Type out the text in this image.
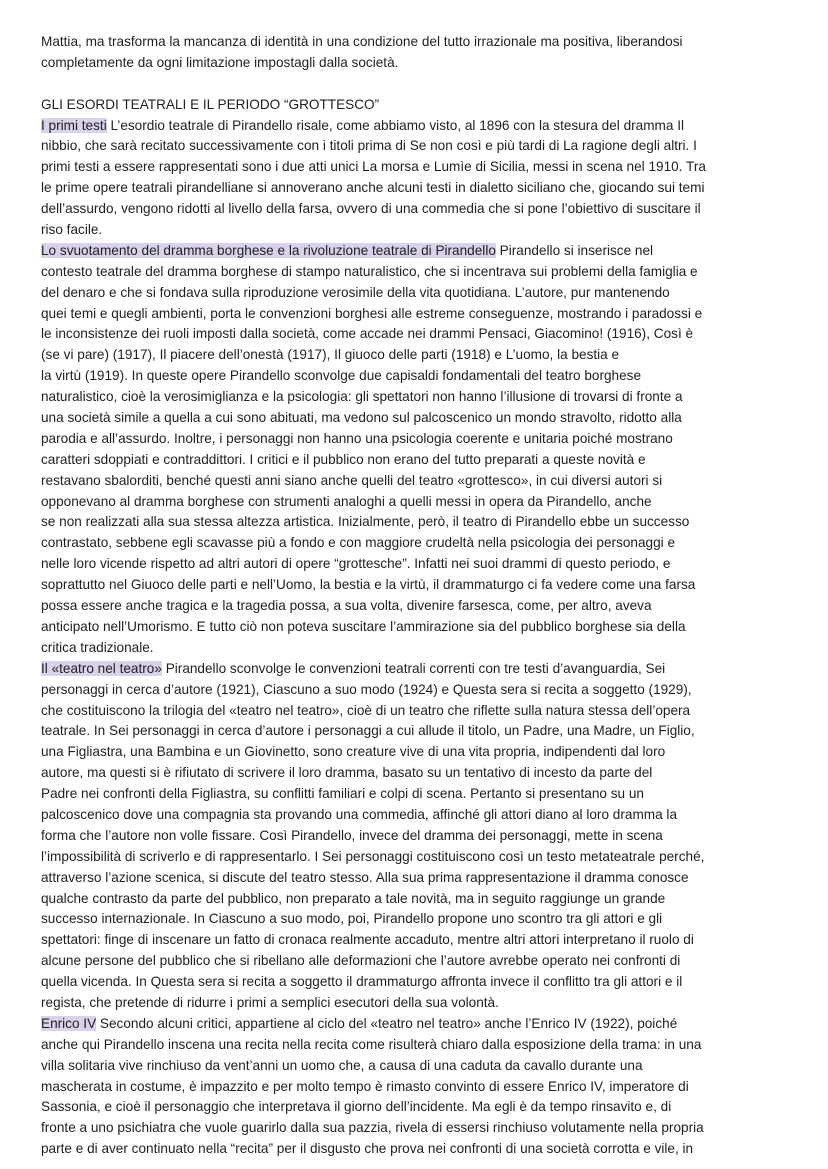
Mattia, ma trasforma la mancanza di identità in una condizione del tutto irrazionale ma positiva, liberandosi
completamente da ogni limitazione impostagli dalla società.
GLI ESORDI TEATRALI E IL PERIODO “GROTTESCO”
I primi testi L’esordio teatrale di Pirandello risale, come abbiamo visto, al 1896 con la stesura del dramma Il
nibbio, che sarà recitato successivamente con i titoli prima di Se non così e più tardi di La ragione degli altri. I
primi testi a essere rappresentati sono i due atti unici La morsa e Lumìe di Sicilia, messi in scena nel 1910. Tra
le prime opere teatrali pirandelliane si annoverano anche alcuni testi in dialetto siciliano che, giocando sui temi
dell’assurdo, vengono ridotti al livello della farsa, ovvero di una commedia che si pone l’obiettivo di suscitare il
riso facile.
Lo svuotamento del dramma borghese e la rivoluzione teatrale di Pirandello Pirandello si inserisce nel
contesto teatrale del dramma borghese di stampo naturalistico, che si incentrava sui problemi della famiglia e
del denaro e che si fondava sulla riproduzione verosimile della vita quotidiana. L’autore, pur mantenendo
quei temi e quegli ambienti, porta le convenzioni borghesi alle estreme conseguenze, mostrando i paradossi e
le inconsistenze dei ruoli imposti dalla società, come accade nei drammi Pensaci, Giacomino! (1916), Così è
(se vi pare) (1917), Il piacere dell’onestà (1917), Il giuoco delle parti (1918) e L’uomo, la bestia e
la virtù (1919). In queste opere Pirandello sconvolge due capisaldi fondamentali del teatro borghese
naturalistico, cioè la verosimiglianza e la psicologia: gli spettatori non hanno l’illusione di trovarsi di fronte a
una società simile a quella a cui sono abituati, ma vedono sul palcoscenico un mondo stravolto, ridotto alla
parodia e all’assurdo. Inoltre, i personaggi non hanno una psicologia coerente e unitaria poiché mostrano
caratteri sdoppiati e contraddittori. I critici e il pubblico non erano del tutto preparati a queste novità e
restavano sbalorditi, benché questi anni siano anche quelli del teatro «grottesco», in cui diversi autori si
opponevano al dramma borghese con strumenti analoghi a quelli messi in opera da Pirandello, anche
se non realizzati alla sua stessa altezza artistica. Inizialmente, però, il teatro di Pirandello ebbe un successo
contrastato, sebbene egli scavasse più a fondo e con maggiore crudeltà nella psicologia dei personaggi e
nelle loro vicende rispetto ad altri autori di opere “grottesche”. Infatti nei suoi drammi di questo periodo, e
soprattutto nel Giuoco delle parti e nell’Uomo, la bestia e la virtù, il drammaturgo ci fa vedere come una farsa
possa essere anche tragica e la tragedia possa, a sua volta, divenire farsesca, come, per altro, aveva
anticipato nell’Umorismo. E tutto ciò non poteva suscitare l’ammirazione sia del pubblico borghese sia della
critica tradizionale.
Il «teatro nel teatro» Pirandello sconvolge le convenzioni teatrali correnti con tre testi d’avanguardia, Sei
personaggi in cerca d’autore (1921), Ciascuno a suo modo (1924) e Questa sera si recita a soggetto (1929),
che costituiscono la trilogia del «teatro nel teatro», cioè di un teatro che riflette sulla natura stessa dell’opera
teatrale. In Sei personaggi in cerca d’autore i personaggi a cui allude il titolo, un Padre, una Madre, un Figlio,
una Figliastra, una Bambina e un Giovinetto, sono creature vive di una vita propria, indipendenti dal loro
autore, ma questi si è rifiutato di scrivere il loro dramma, basato su un tentativo di incesto da parte del
Padre nei confronti della Figliastra, su conflitti familiari e colpi di scena. Pertanto si presentano su un
palcoscenico dove una compagnia sta provando una commedia, affinché gli attori diano al loro dramma la
forma che l’autore non volle fissare. Così Pirandello, invece del dramma dei personaggi, mette in scena
l’impossibilità di scriverlo e di rappresentarlo. I Sei personaggi costituiscono così un testo metateatrale perché,
attraverso l’azione scenica, si discute del teatro stesso. Alla sua prima rappresentazione il dramma conosce
qualche contrasto da parte del pubblico, non preparato a tale novità, ma in seguito raggiunge un grande
successo internazionale. In Ciascuno a suo modo, poi, Pirandello propone uno scontro tra gli attori e gli
spettatori: finge di inscenare un fatto di cronaca realmente accaduto, mentre altri attori interpretano il ruolo di
alcune persone del pubblico che si ribellano alle deformazioni che l’autore avrebbe operato nei confronti di
quella vicenda. In Questa sera si recita a soggetto il drammaturgo affronta invece il conflitto tra gli attori e il
regista, che pretende di ridurre i primi a semplici esecutori della sua volontà.
Enrico IV Secondo alcuni critici, appartiene al ciclo del «teatro nel teatro» anche l’Enrico IV (1922), poiché
anche qui Pirandello inscena una recita nella recita come risulterà chiaro dalla esposizione della trama: in una
villa solitaria vive rinchiuso da vent’anni un uomo che, a causa di una caduta da cavallo durante una
mascherata in costume, è impazzito e per molto tempo è rimasto convinto di essere Enrico IV, imperatore di
Sassonia, e cioè il personaggio che interpretava il giorno dell’incidente. Ma egli è da tempo rinsavito e, di
fronte a uno psichiatra che vuole guarirlo dalla sua pazzia, rivela di essersi rinchiuso volutamente nella propria
parte e di aver continuato nella “recita” per il disgusto che prova nei confronti di una società corrotta e vile, in
